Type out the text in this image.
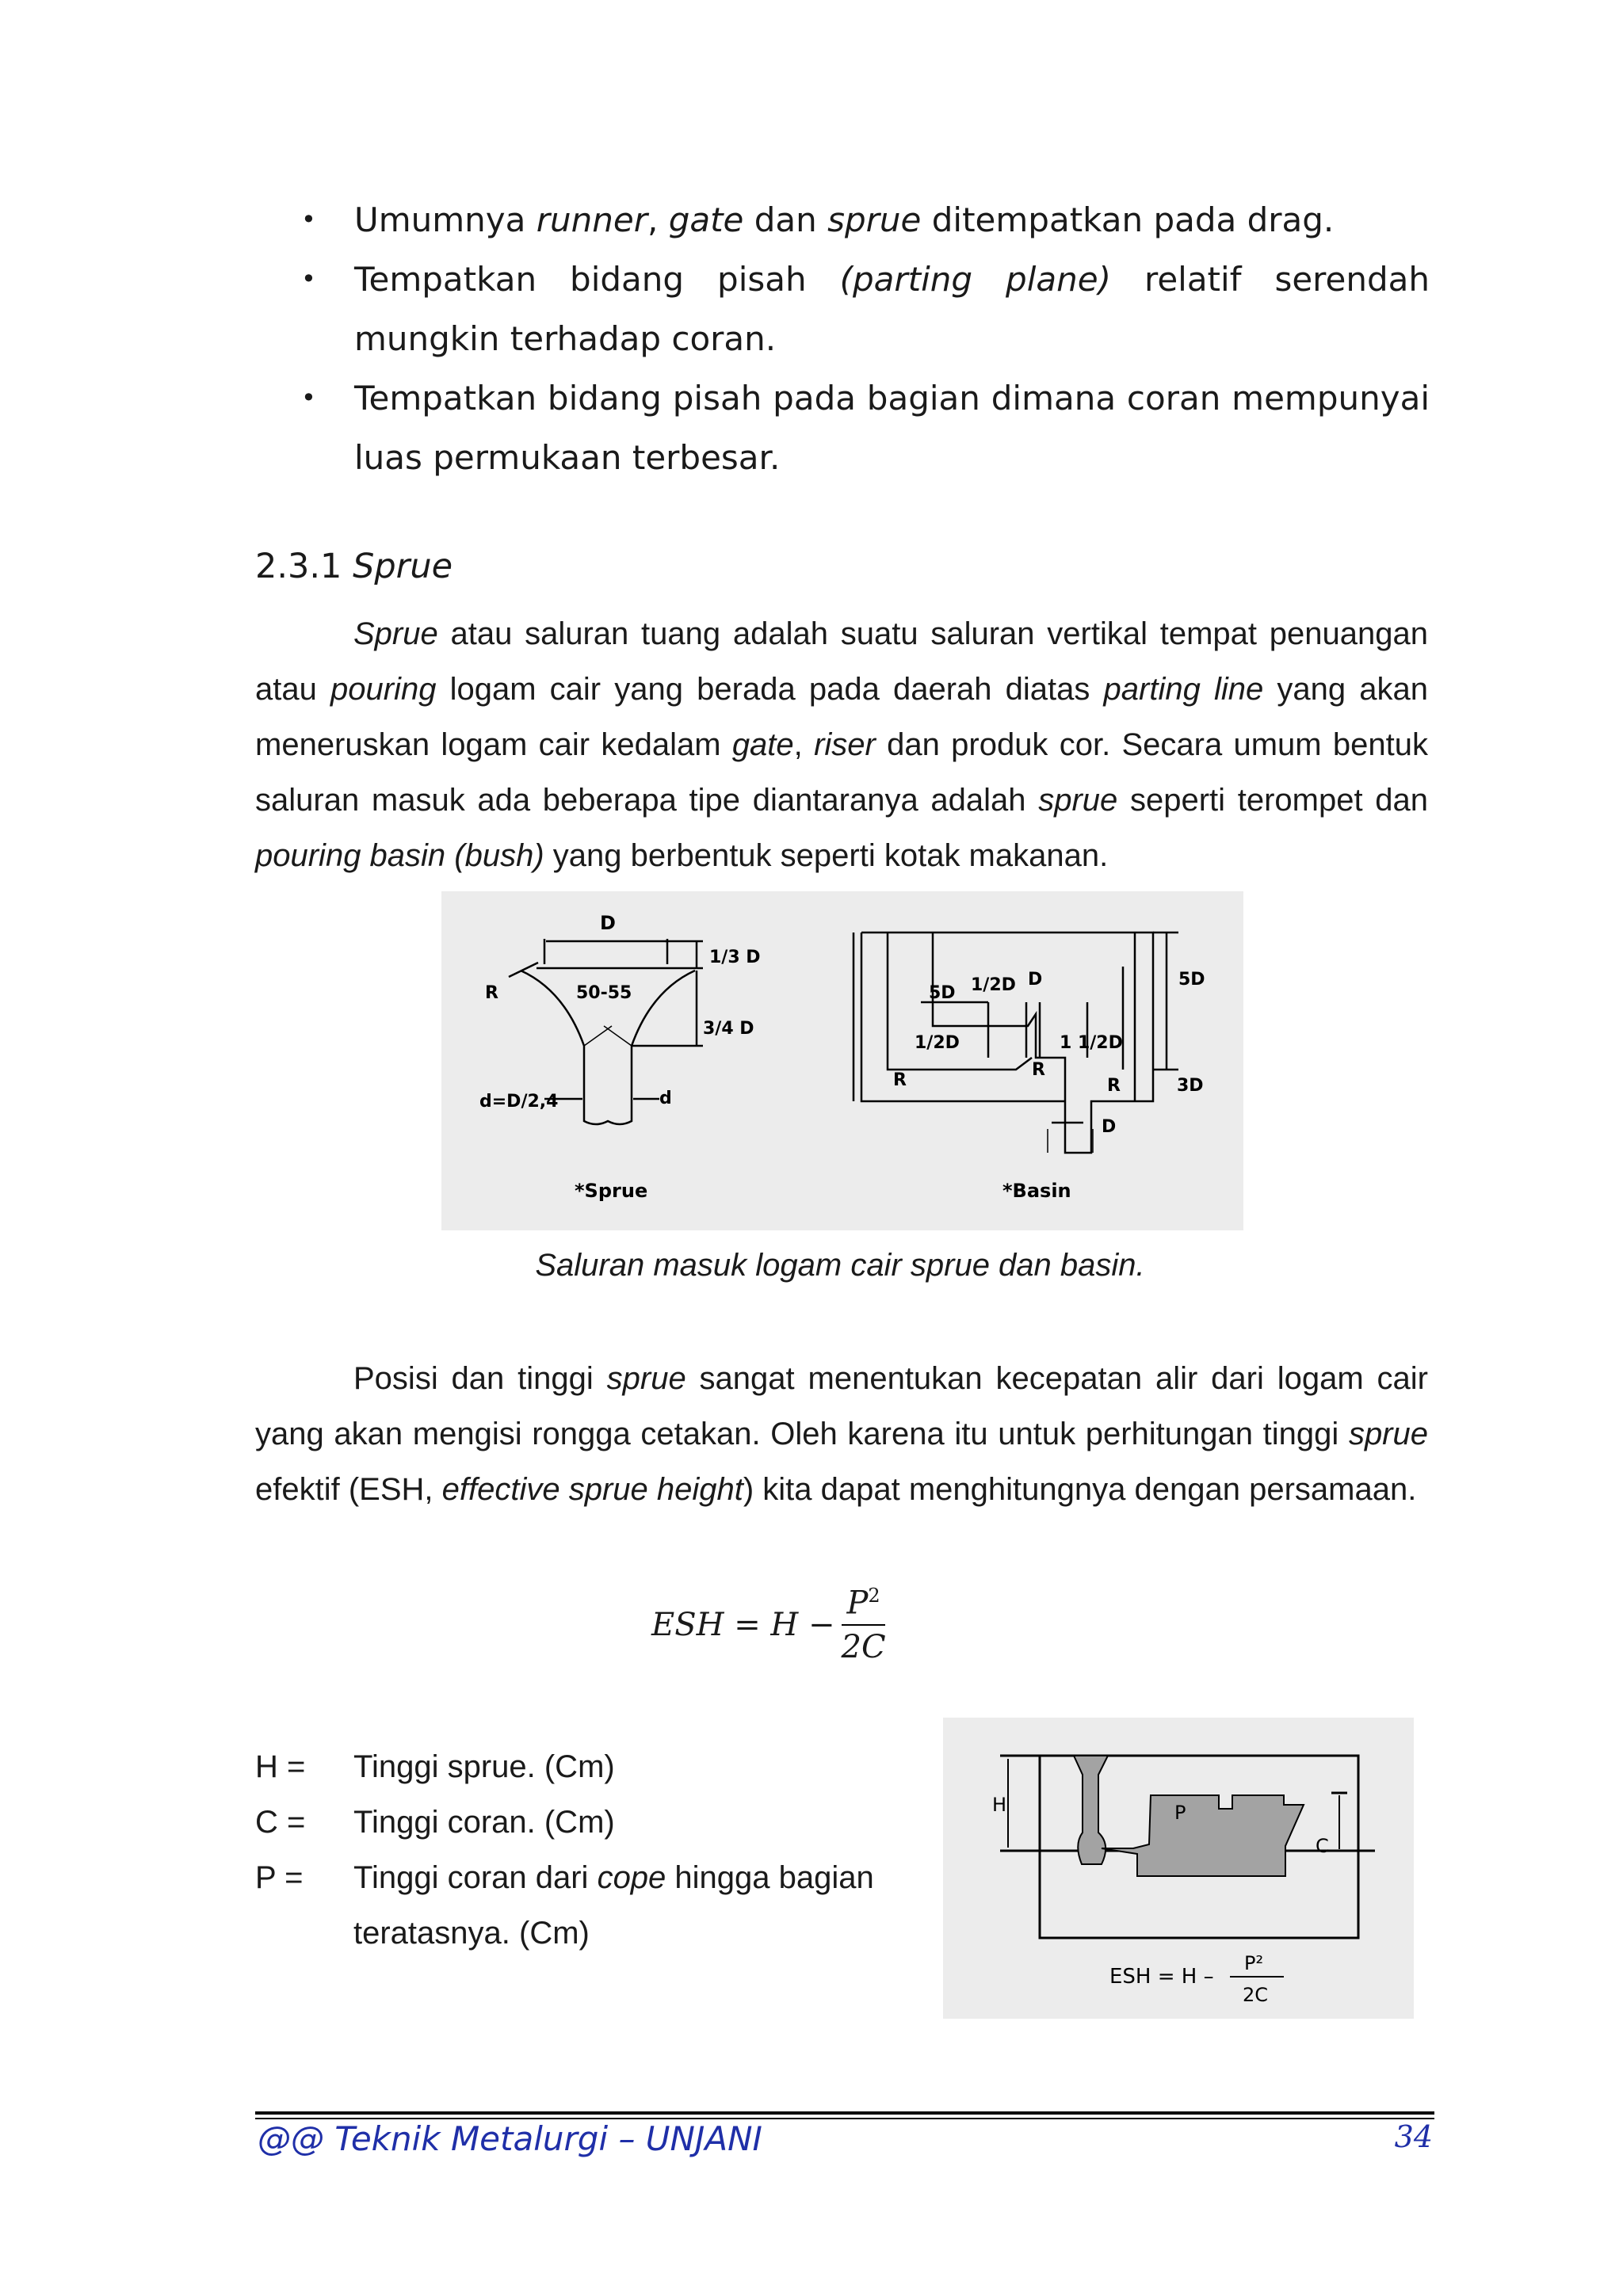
• Umumnya runner, gate dan sprue ditempatkan pada drag.
• Tempatkan bidang pisah (parting plane) relatif serendah mungkin terhadap coran.
• Tempatkan bidang pisah pada bagian dimana coran mempunyai luas permukaan terbesar.
2.3.1 Sprue
Sprue atau saluran tuang adalah suatu saluran vertikal tempat penuangan atau pouring logam cair yang berada pada daerah diatas parting line yang akan meneruskan logam cair kedalam gate, riser dan produk cor. Secara umum bentuk saluran masuk ada beberapa tipe diantaranya adalah sprue seperti terompet dan pouring basin (bush) yang berbentuk seperti kotak makanan.
D
1/3 D
R	50-55
3/4 D
d=D/2,4	d
*Sprue
5D 1/2D D	5D
1/2D	1 1/2D
R
R
R	3D
D
*Basin
Saluran masuk logam cair sprue dan basin.
Posisi dan tinggi sprue sangat menentukan kecepatan alir dari logam cair yang akan mengisi rongga cetakan. Oleh karena itu untuk perhitungan tinggi sprue efektif (ESH, effective sprue height) kita dapat menghitungnya dengan persamaan.
ESH = $H - \frac{P^2}{2C}$
H =	Tinggi sprue. (Cm)
C =	Tinggi coran. (Cm)
P =	Tinggi coran dari cope hingga bagian teratasnya. (Cm)
H	P
C
ESH = H –
P²
2C
@@ Teknik Metalurgi – UNJANI	34
